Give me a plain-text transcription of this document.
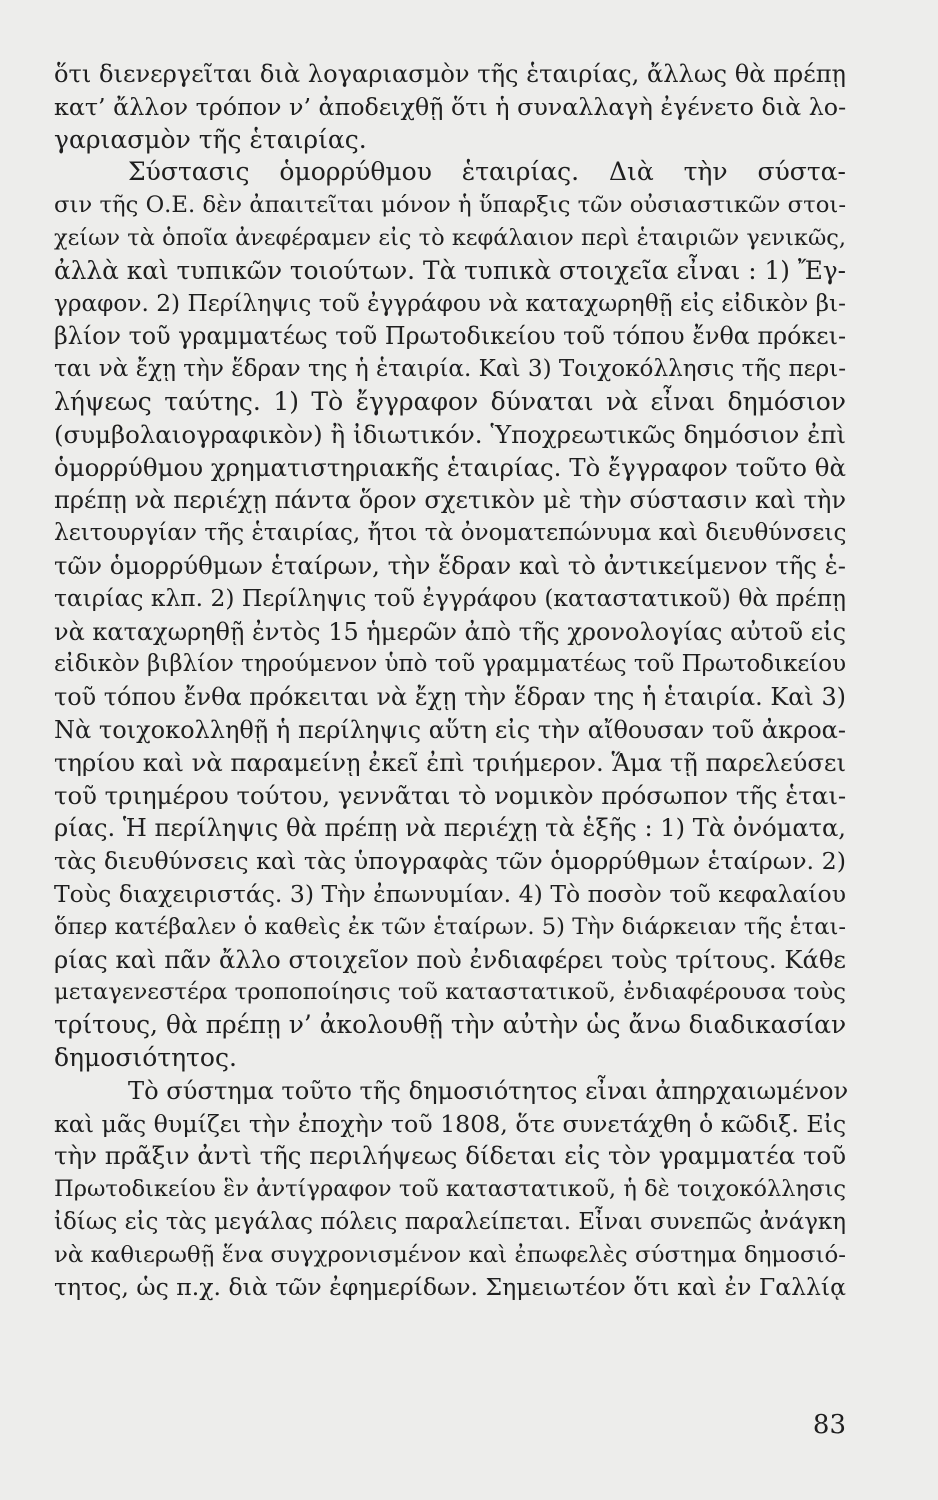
ὅτι διενεργεῖται διὰ λογαριασμὸν τῆς ἑταιρίας, ἄλλως θὰ πρέπῃ
κατ’ ἄλλον τρόπον ν’ ἀποδειχθῇ ὅτι ἡ συναλλαγὴ ἐγένετο διὰ λο-
γαριασμὸν τῆς ἑταιρίας.
Σύστασις ὁμορρύθμου ἑταιρίας. Διὰ τὴν σύστα-
σιν τῆς Ο.Ε. δὲν ἀπαιτεῖται μόνον ἡ ὕπαρξις τῶν οὐσιαστικῶν στοι-
χείων τὰ ὁποῖα ἀνεφέραμεν εἰς τὸ κεφάλαιον περὶ ἑταιριῶν γενικῶς,
ἀλλὰ καὶ τυπικῶν τοιούτων. Τὰ τυπικὰ στοιχεῖα εἶναι : 1) Ἔγ-
γραφον. 2) Περίληψις τοῦ ἐγγράφου νὰ καταχωρηθῇ εἰς εἰδικὸν βι-
βλίον τοῦ γραμματέως τοῦ Πρωτοδικείου τοῦ τόπου ἔνθα πρόκει-
ται νὰ ἔχῃ τὴν ἕδραν της ἡ ἑταιρία. Καὶ 3) Τοιχοκόλλησις τῆς περι-
λήψεως ταύτης. 1) Τὸ ἔγγραφον δύναται νὰ εἶναι δημόσιον
(συμβολαιογραφικὸν) ἢ ἰδιωτικόν. Ὑποχρεωτικῶς δημόσιον ἐπὶ
ὁμορρύθμου χρηματιστηριακῆς ἑταιρίας. Τὸ ἔγγραφον τοῦτο θὰ
πρέπῃ νὰ περιέχῃ πάντα ὅρον σχετικὸν μὲ τὴν σύστασιν καὶ τὴν
λειτουργίαν τῆς ἑταιρίας, ἤτοι τὰ ὀνοματεπώνυμα καὶ διευθύνσεις
τῶν ὁμορρύθμων ἑταίρων, τὴν ἕδραν καὶ τὸ ἀντικείμενον τῆς ἑ-
ταιρίας κλπ. 2) Περίληψις τοῦ ἐγγράφου (καταστατικοῦ) θὰ πρέπῃ
νὰ καταχωρηθῇ ἐντὸς 15 ἡμερῶν ἀπὸ τῆς χρονολογίας αὐτοῦ εἰς
εἰδικὸν βιβλίον τηρούμενον ὑπὸ τοῦ γραμματέως τοῦ Πρωτοδικείου
τοῦ τόπου ἔνθα πρόκειται νὰ ἔχῃ τὴν ἕδραν της ἡ ἑταιρία. Καὶ 3)
Νὰ τοιχοκολληθῇ ἡ περίληψις αὕτη εἰς τὴν αἴθουσαν τοῦ ἀκροα-
τηρίου καὶ νὰ παραμείνῃ ἐκεῖ ἐπὶ τριήμερον. Ἅμα τῇ παρελεύσει
τοῦ τριημέρου τούτου, γεννᾶται τὸ νομικὸν πρόσωπον τῆς ἑται-
ρίας. Ἡ περίληψις θὰ πρέπῃ νὰ περιέχῃ τὰ ἑξῆς : 1) Τὰ ὀνόματα,
τὰς διευθύνσεις καὶ τὰς ὑπογραφὰς τῶν ὁμορρύθμων ἑταίρων. 2)
Τοὺς διαχειριστάς. 3) Τὴν ἐπωνυμίαν. 4) Τὸ ποσὸν τοῦ κεφαλαίου
ὅπερ κατέβαλεν ὁ καθεὶς ἐκ τῶν ἑταίρων. 5) Τὴν διάρκειαν τῆς ἑται-
ρίας καὶ πᾶν ἄλλο στοιχεῖον ποὺ ἐνδιαφέρει τοὺς τρίτους. Κάθε
μεταγενεστέρα τροποποίησις τοῦ καταστατικοῦ, ἐνδιαφέρουσα τοὺς
τρίτους, θὰ πρέπῃ ν’ ἀκολουθῇ τὴν αὐτὴν ὡς ἄνω διαδικασίαν
δημοσιότητος.
Τὸ σύστημα τοῦτο τῆς δημοσιότητος εἶναι ἀπηρχαιωμένον
καὶ μᾶς θυμίζει τὴν ἐποχὴν τοῦ 1808, ὅτε συνετάχθη ὁ κῶδιξ. Εἰς
τὴν πρᾶξιν ἀντὶ τῆς περιλήψεως δίδεται εἰς τὸν γραμματέα τοῦ
Πρωτοδικείου ἓν ἀντίγραφον τοῦ καταστατικοῦ, ἡ δὲ τοιχοκόλλησις
ἰδίως εἰς τὰς μεγάλας πόλεις παραλείπεται. Εἶναι συνεπῶς ἀνάγκη
νὰ καθιερωθῇ ἕνα συγχρονισμένον καὶ ἐπωφελὲς σύστημα δημοσιό-
τητος, ὡς π.χ. διὰ τῶν ἐφημερίδων. Σημειωτέον ὅτι καὶ ἐν Γαλλίᾳ
83
